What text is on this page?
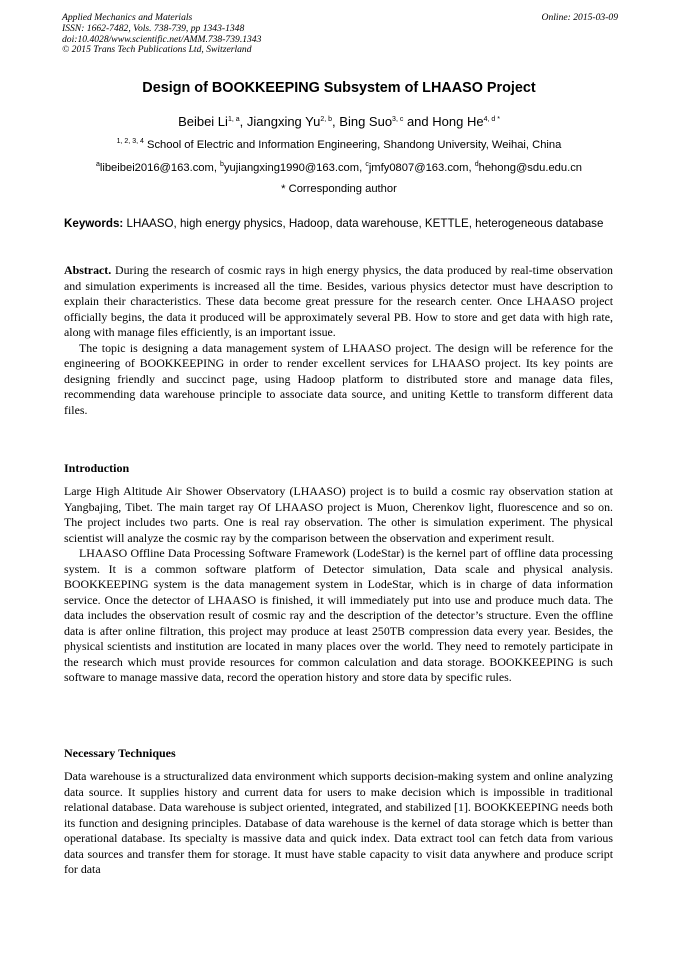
Applied Mechanics and Materials
ISSN: 1662-7482, Vols. 738-739, pp 1343-1348
doi:10.4028/www.scientific.net/AMM.738-739.1343
© 2015 Trans Tech Publications Ltd, Switzerland
Online: 2015-03-09
Design of BOOKKEEPING Subsystem of LHAASO Project
Beibei Li$^{1, a}$, Jiangxing Yu$^{2, b}$, Bing Suo$^{3, c}$ and Hong $He^{4, d *}$
$^{1, 2, 3, 4}$ School of Electric and Information Engineering, Shandong University, Weihai, China
$^a$libeibei2016@163.com, $^b$yujiangxing1990@163.com, $^c$jmfy0807@163.com, $^d$hehong@sdu.edu.cn
* Corresponding author
Keywords: LHAASO, high energy physics, Hadoop, data warehouse, KETTLE, heterogeneous database

Abstract. During the research of cosmic rays in high energy physics, the data produced by real-time observation and simulation experiments is increased all the time. Besides, various physics detector must have description to explain their characteristics. These data become great pressure for the research center. Once LHAASO project officially begins, the data it produced will be approximately several PB. How to store and get data with high rate, along with manage files efficiently, is an important issue.

The topic is designing a data management system of LHAASO project. The design will be reference for the engineering of BOOKKEEPING in order to render excellent services for LHAASO project. Its key points are designing friendly and succinct page, using Hadoop platform to distributed store and manage data files, recommending data warehouse principle to associate data source, and uniting Kettle to transform different data files.

Introduction

Large High Altitude Air Shower Observatory (LHAASO) project is to build a cosmic ray observation station at Yangbajing, Tibet. The main target ray Of LHAASO project is Muon, Cherenkov light, fluorescence and so on. The project includes two parts. One is real ray observation. The other is simulation experiment. The physical scientist will analyze the cosmic ray by the comparison between the observation and experiment result.

LHAASO Offline Data Processing Software Framework (LodeStar) is the kernel part of offline data processing system. It is a common software platform of Detector simulation, Data scale and physical analysis. BOOKKEEPING system is the data management system in LodeStar, which is in charge of data information service. Once the detector of LHAASO is finished, it will immediately put into use and produce much data. The data includes the observation result of cosmic ray and the description of the detector’s structure. Even the offline data is after online filtration, this project may produce at least 250TB compression data every year. Besides, the physical scientists and institution are located in many places over the world. They need to remotely participate in the research which must provide resources for common calculation and data storage. BOOKKEEPING is such software to manage massive data, record the operation history and store data by specific rules.

Necessary Techniques

Data warehouse is a structuralized data environment which supports decision-making system and online analyzing data source. It supplies history and current data for users to make decision which is impossible in traditional relational database. Data warehouse is subject oriented, integrated, and stabilized [1]. BOOKKEEPING needs both its function and designing principles. Database of data warehouse is the kernel of data storage which is better than operational database. Its specialty is massive data and quick index. Data extract tool can fetch data from various data sources and transfer them for storage. It must have stable capacity to visit data anywhere and produce script for data
